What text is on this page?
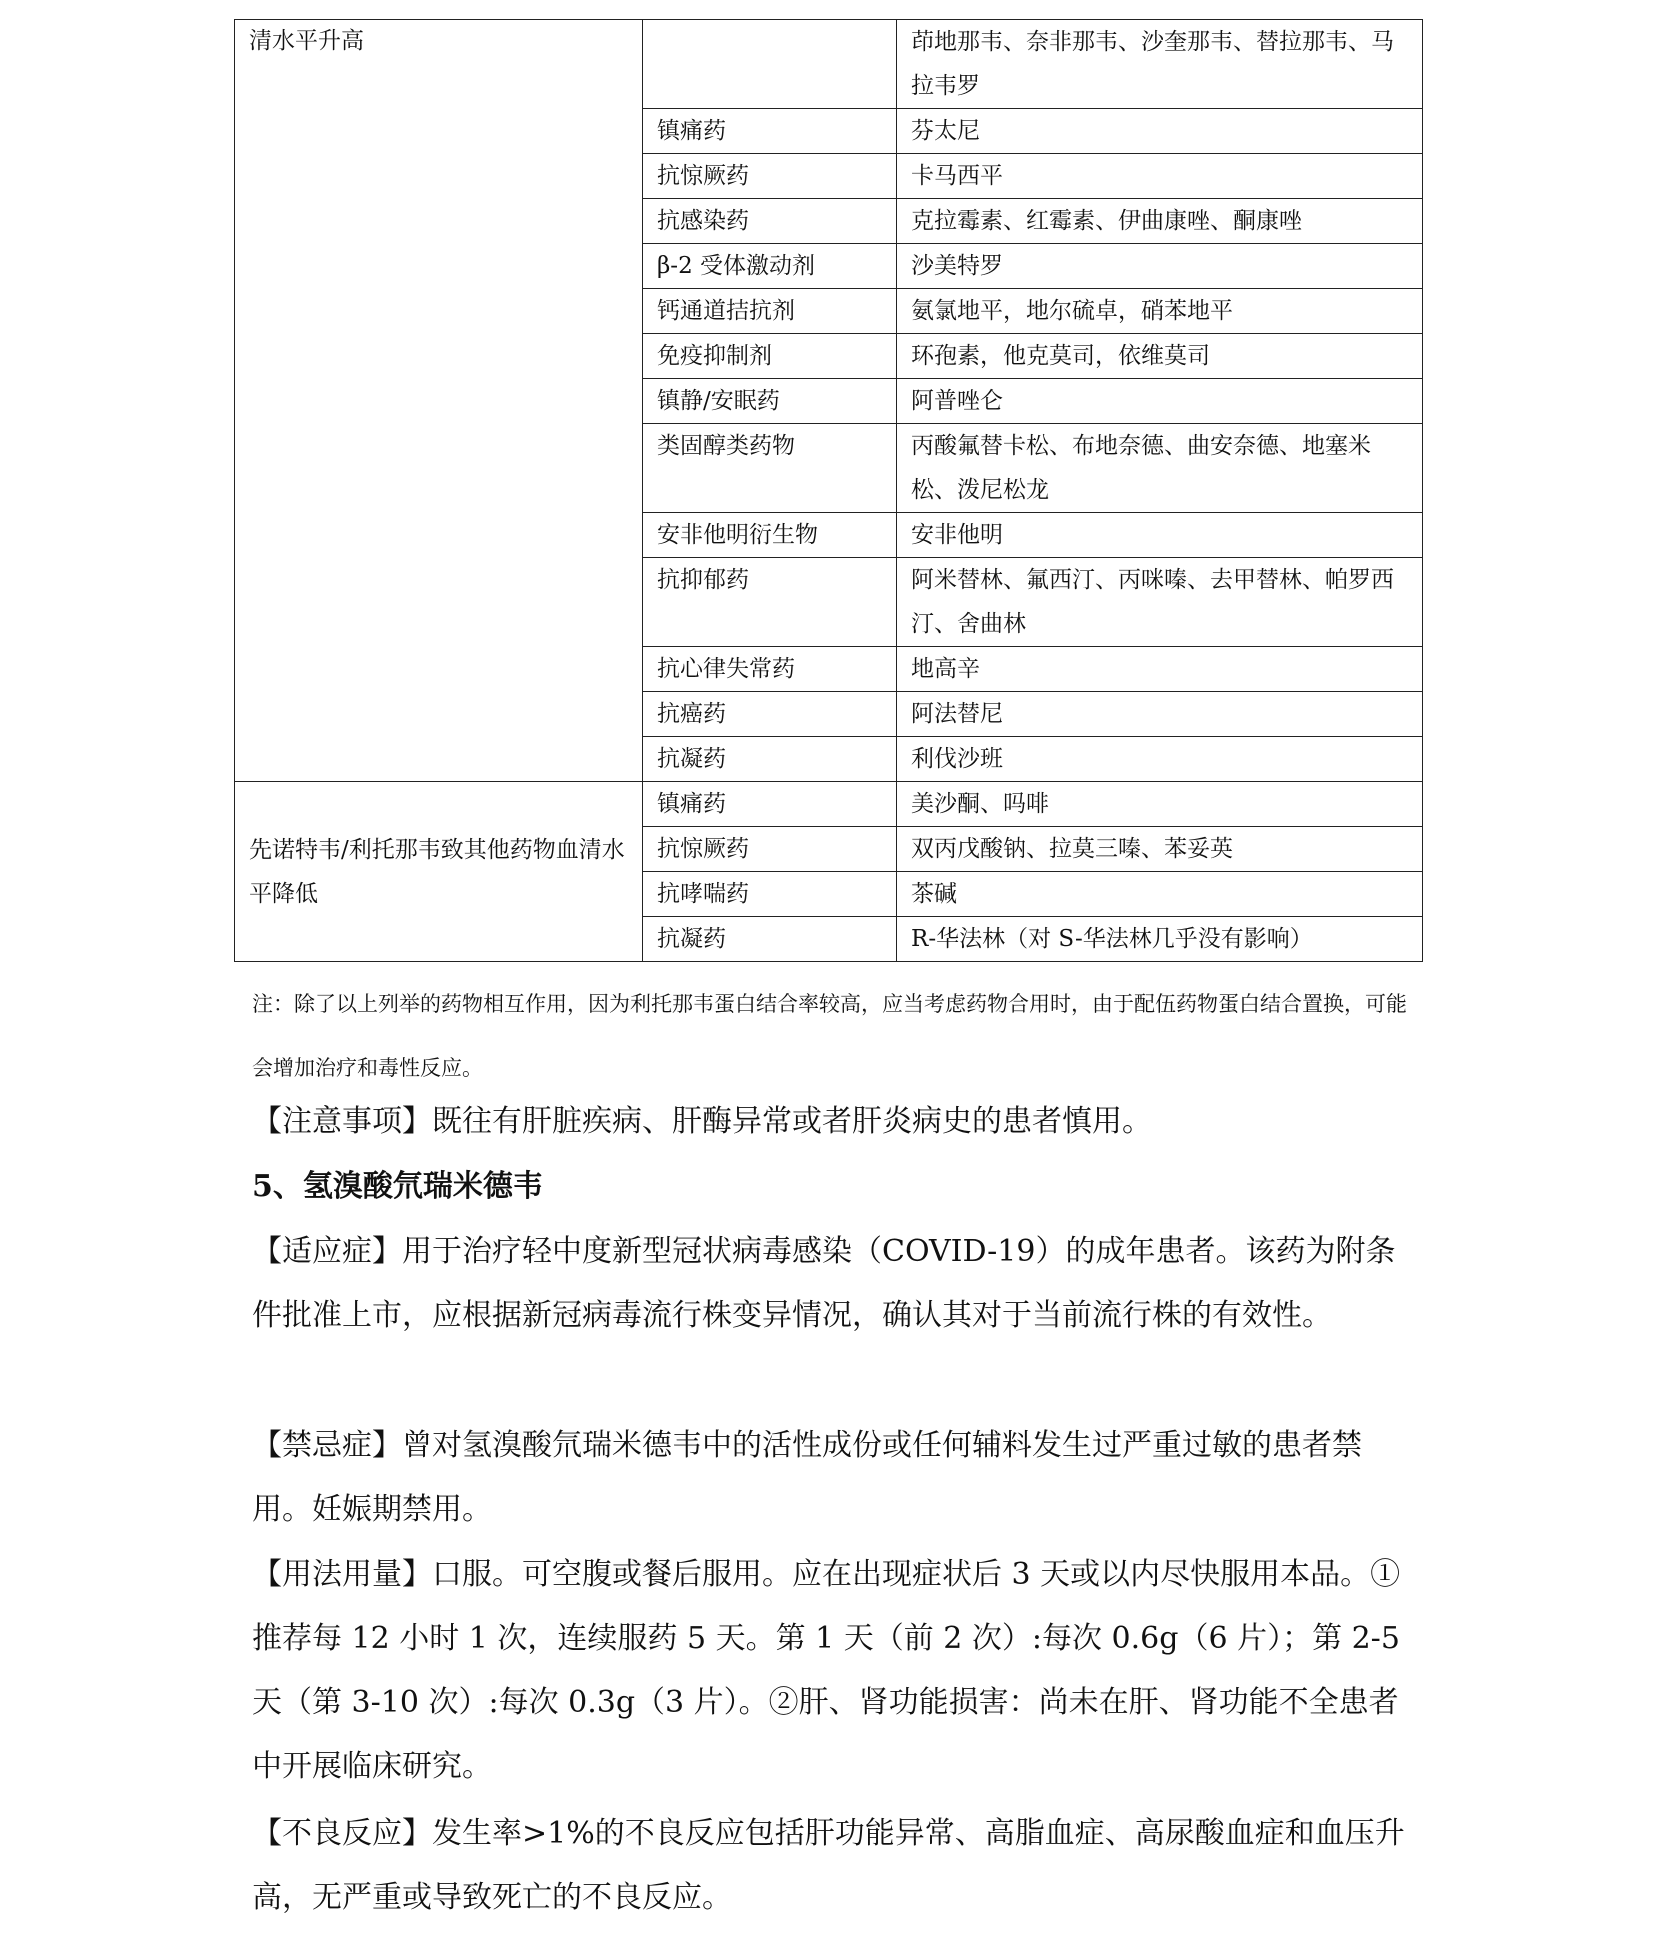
清水平升高		茚地那韦、奈非那韦、沙奎那韦、替拉那韦、马拉韦罗
	镇痛药	芬太尼
	抗惊厥药	卡马西平
	抗感染药	克拉霉素、红霉素、伊曲康唑、酮康唑
	β-2 受体激动剂	沙美特罗
	钙通道拮抗剂	氨氯地平，地尔硫卓，硝苯地平
	免疫抑制剂	环孢素，他克莫司，依维莫司
	镇静/安眠药	阿普唑仑
	类固醇类药物	丙酸氟替卡松、布地奈德、曲安奈德、地塞米松、泼尼松龙
	安非他明衍生物	安非他明
	抗抑郁药	阿米替林、氟西汀、丙咪嗪、去甲替林、帕罗西汀、舍曲林
	抗心律失常药	地高辛
	抗癌药	阿法替尼
	抗凝药	利伐沙班
先诺特韦/利托那韦致其他药物血清水平降低	镇痛药	美沙酮、吗啡
	抗惊厥药	双丙戊酸钠、拉莫三嗪、苯妥英
	抗哮喘药	茶碱
	抗凝药	R-华法林（对 S-华法林几乎没有影响）

注：除了以上列举的药物相互作用，因为利托那韦蛋白结合率较高，应当考虑药物合用时，由于配伍药物蛋白结合置换，可能会增加治疗和毒性反应。

【注意事项】既往有肝脏疾病、肝酶异常或者肝炎病史的患者慎用。

5、氢溴酸氘瑞米德韦

【适应症】用于治疗轻中度新型冠状病毒感染（COVID-19）的成年患者。该药为附条件批准上市，应根据新冠病毒流行株变异情况，确认其对于当前流行株的有效性。

【禁忌症】曾对氢溴酸氘瑞米德韦中的活性成份或任何辅料发生过严重过敏的患者禁用。妊娠期禁用。

【用法用量】口服。可空腹或餐后服用。应在出现症状后 3 天或以内尽快服用本品。①推荐每 12 小时 1 次，连续服药 5 天。第 1 天（前 2 次）:每次 0.6g（6 片）；第 2-5 天（第 3-10 次）:每次 0.3g（3 片）。②肝、肾功能损害：尚未在肝、肾功能不全患者中开展临床研究。

【不良反应】发生率>1%的不良反应包括肝功能异常、高脂血症、高尿酸血症和血压升高，无严重或导致死亡的不良反应。
